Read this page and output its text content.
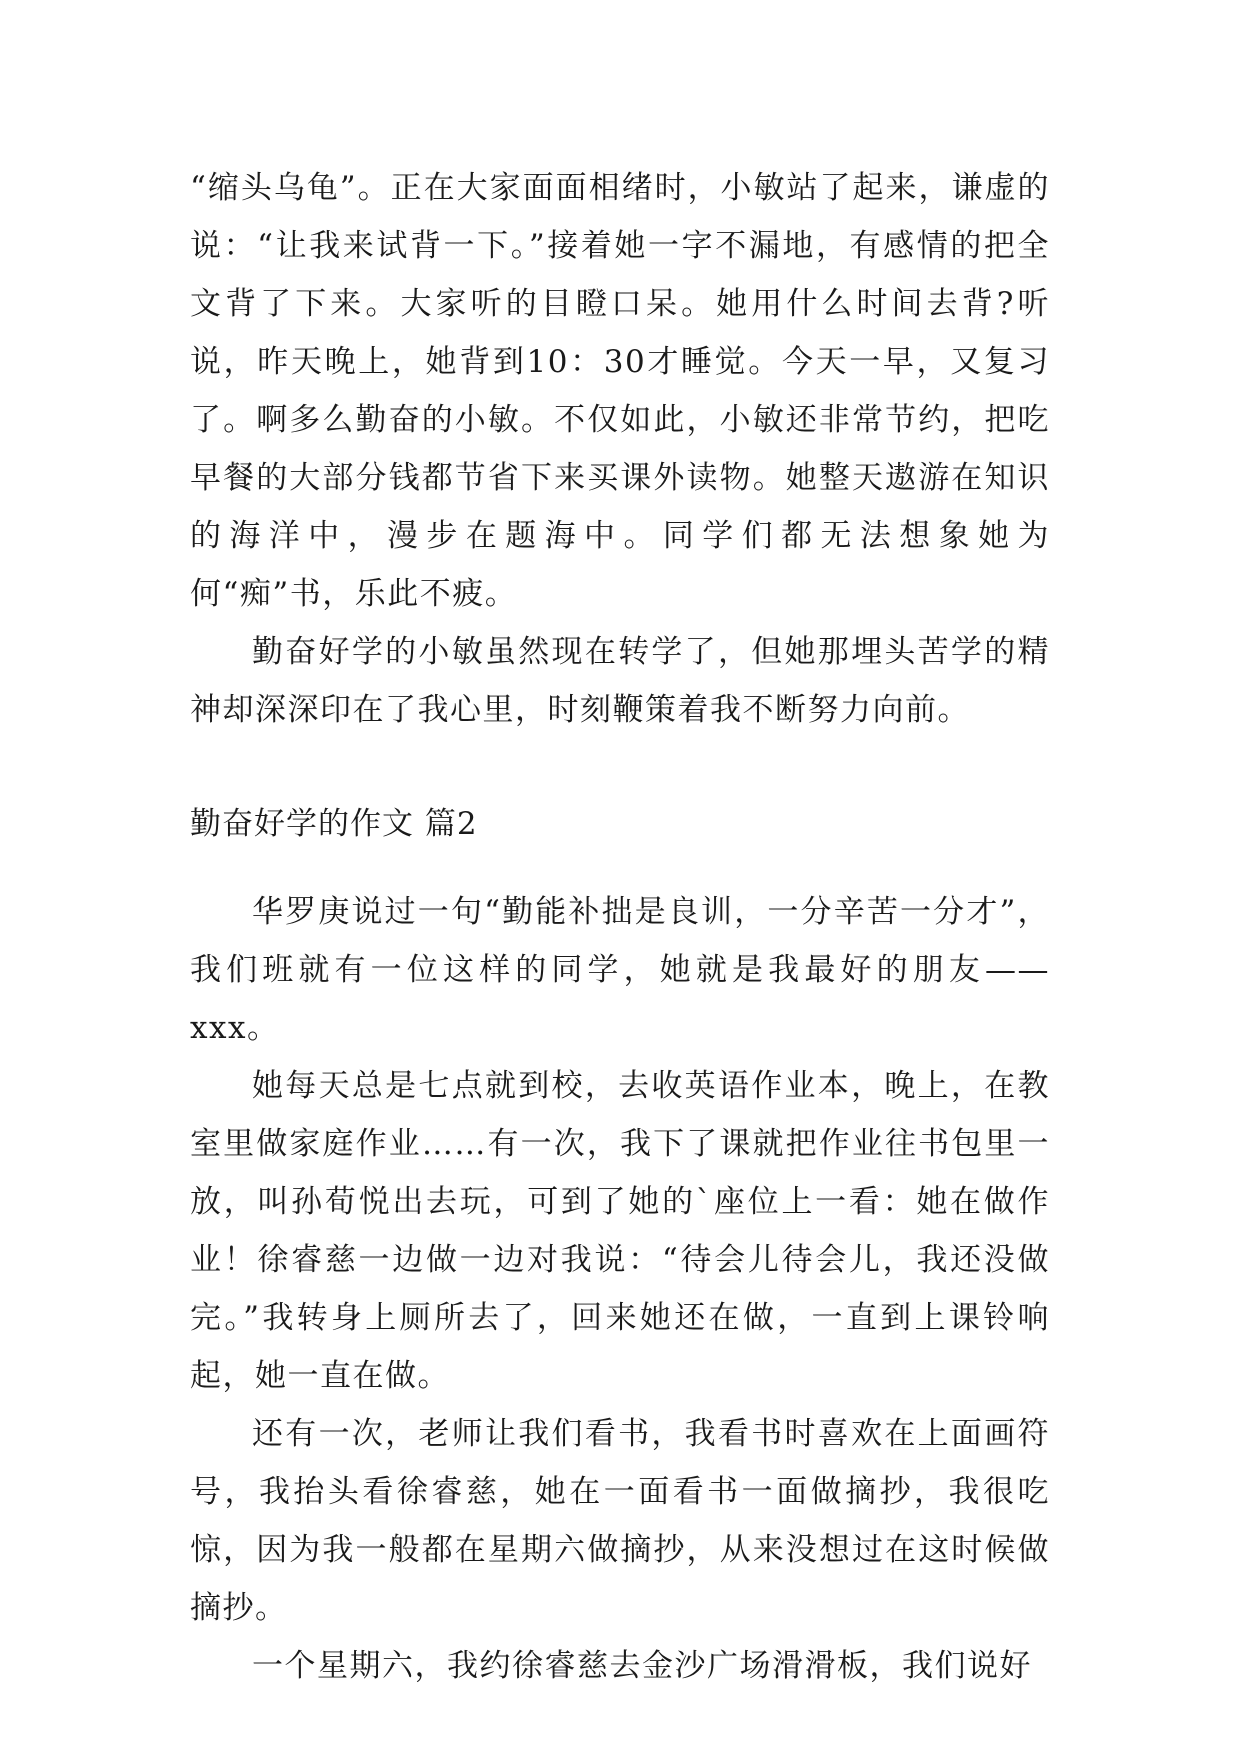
“缩头乌龟”。正在大家面面相绪时，小敏站了起来，谦虚的说：“让我来试背一下。”接着她一字不漏地，有感情的把全文背了下来。大家听的目瞪口呆。她用什么时间去背?听说，昨天晚上，她背到10：30才睡觉。今天一早，又复习了。啊多么勤奋的小敏。不仅如此，小敏还非常节约，把吃早餐的大部分钱都节省下来买课外读物。她整天遨游在知识的海洋中，漫步在题海中。同学们都无法想象她为何“痴”书，乐此不疲。

勤奋好学的小敏虽然现在转学了，但她那埋头苦学的精神却深深印在了我心里，时刻鞭策着我不断努力向前。

勤奋好学的作文 篇2

华罗庚说过一句“勤能补拙是良训，一分辛苦一分才”，我们班就有一位这样的同学，她就是我最好的朋友——xxx。

她每天总是七点就到校，去收英语作业本，晚上，在教室里做家庭作业……有一次，我下了课就把作业往书包里一放，叫孙荀悦出去玩，可到了她的`座位上一看：她在做作业！徐睿慈一边做一边对我说：“待会儿待会儿，我还没做完。”我转身上厕所去了，回来她还在做，一直到上课铃响起，她一直在做。

还有一次，老师让我们看书，我看书时喜欢在上面画符号，我抬头看徐睿慈，她在一面看书一面做摘抄，我很吃惊，因为我一般都在星期六做摘抄，从来没想过在这时候做摘抄。

一个星期六，我约徐睿慈去金沙广场滑滑板，我们说好
